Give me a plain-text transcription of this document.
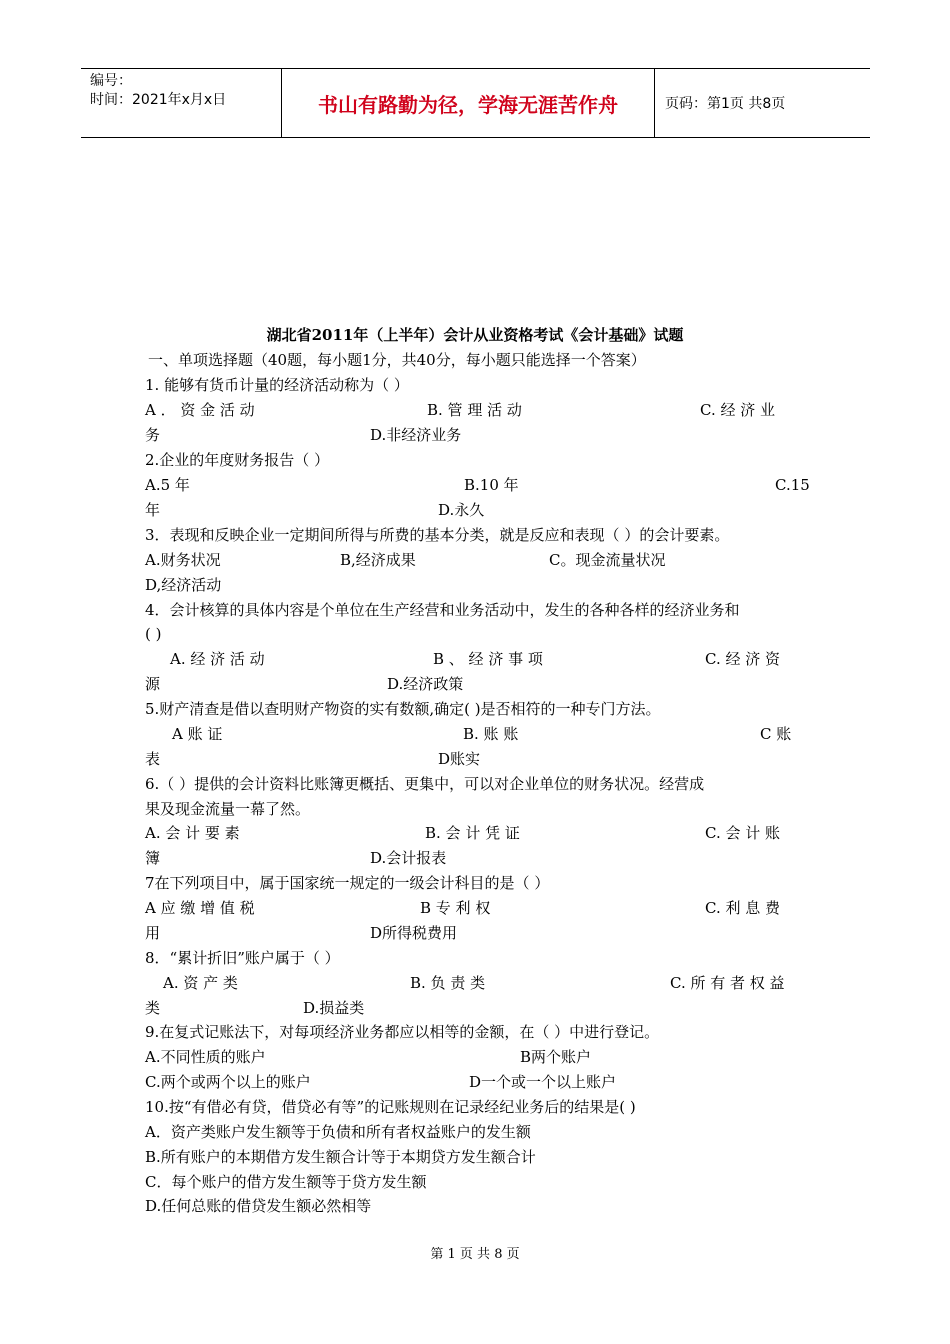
编号：
时间：2021年x月x日	书山有路勤为径，学海无涯苦作舟	页码：第1页 共8页
湖北省2011年（上半年）会计从业资格考试《会计基础》试题
一、单项选择题（40题，每小题1分，共40分，每小题只能选择一个答案）
1. 能够有货币计量的经济活动称为（ ）
A ． 资 金 活 动	B. 管 理 活 动	C. 经 济 业
务	D.非经济业务
2.企业的年度财务报告（ ）
A.5 年	B.10 年	C.15
年	D.永久
3．表现和反映企业一定期间所得与所费的基本分类，就是反应和表现（ ）的会计要素。
A.财务状况	B,经济成果	C。现金流量状况
D,经济活动
4．会计核算的具体内容是个单位在生产经营和业务活动中，发生的各种各样的经济业务和
( )
A. 经 济 活 动	B 、 经 济 事 项	C. 经 济 资
源	D.经济政策
5.财产清查是借以查明财产物资的实有数额,确定( )是否相符的一种专门方法。
A 账 证	B. 账 账	C 账
表	D账实
6.（ ）提供的会计资料比账簿更概括、更集中，可以对企业单位的财务状况。经营成
果及现金流量一幕了然。
A. 会 计 要 素	B. 会 计 凭 证	C. 会 计 账
簿	D.会计报表
7在下列项目中，属于国家统一规定的一级会计科目的是（ ）
A 应 缴 增 值 税	B 专 利 权	C. 利 息 费
用	D所得税费用
8．“累计折旧”账户属于（ ）
A. 资 产 类	B. 负 责 类	C. 所 有 者 权 益
类	D.损益类
9.在复式记账法下，对每项经济业务都应以相等的金额，在（ ）中进行登记。
A.不同性质的账户	B两个账户
C.两个或两个以上的账户	D一个或一个以上账户
10.按“有借必有贷，借贷必有等”的记账规则在记录经纪业务后的结果是( )
A．资产类账户发生额等于负债和所有者权益账户的发生额
B.所有账户的本期借方发生额合计等于本期贷方发生额合计
C．每个账户的借方发生额等于贷方发生额
D.任何总账的借贷发生额必然相等
第 1 页 共 8 页
